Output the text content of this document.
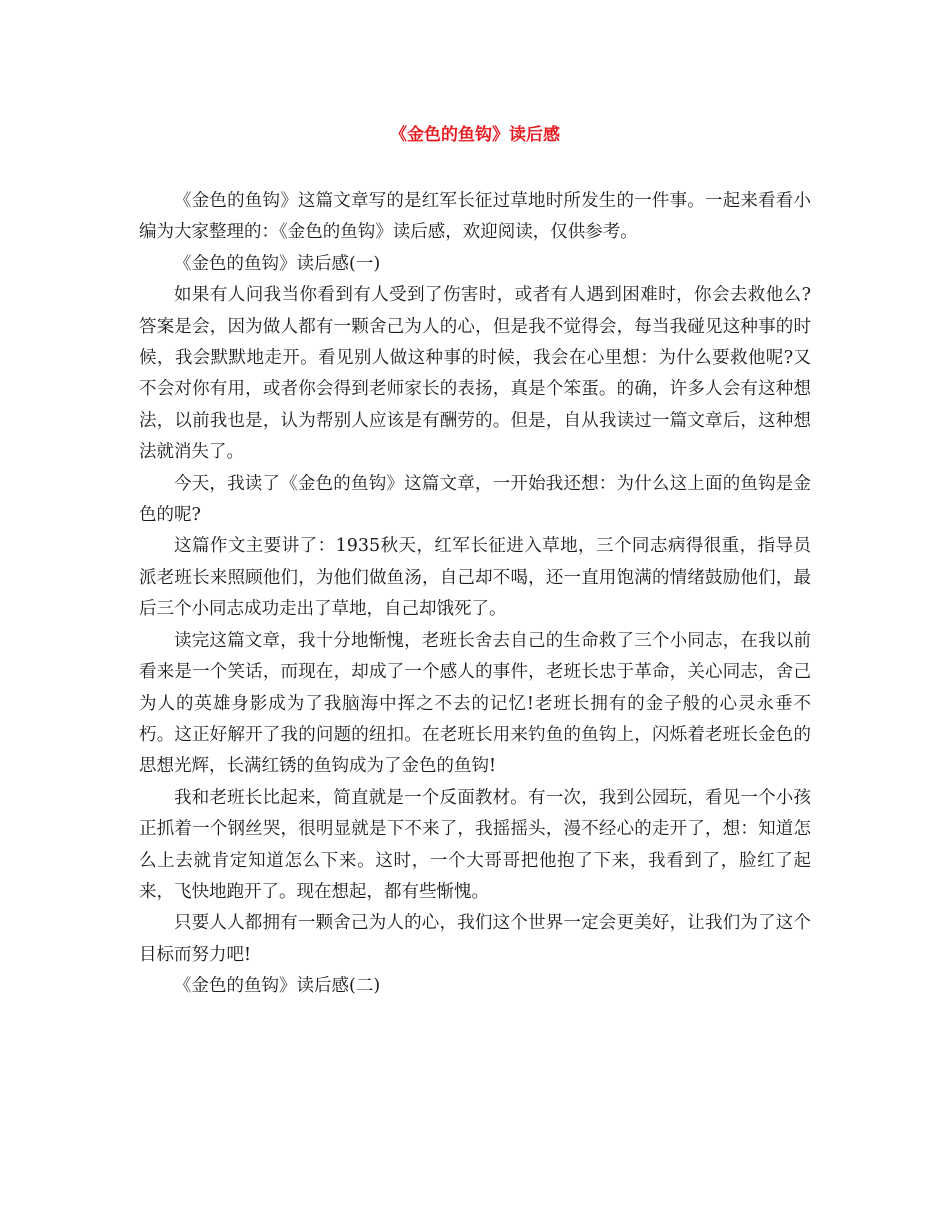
《金色的鱼钩》读后感

《金色的鱼钩》这篇文章写的是红军长征过草地时所发生的一件事。一起来看看小编为大家整理的：《金色的鱼钩》读后感，欢迎阅读，仅供参考。

《金色的鱼钩》读后感(一)

如果有人问我当你看到有人受到了伤害时，或者有人遇到困难时，你会去救他么?答案是会，因为做人都有一颗舍己为人的心，但是我不觉得会，每当我碰见这种事的时候，我会默默地走开。看见别人做这种事的时候，我会在心里想：为什么要救他呢?又不会对你有用，或者你会得到老师家长的表扬，真是个笨蛋。的确，许多人会有这种想法，以前我也是，认为帮别人应该是有酬劳的。但是，自从我读过一篇文章后，这种想法就消失了。

今天，我读了《金色的鱼钩》这篇文章，一开始我还想：为什么这上面的鱼钩是金色的呢?

这篇作文主要讲了：1935秋天，红军长征进入草地，三个同志病得很重，指导员派老班长来照顾他们，为他们做鱼汤，自己却不喝，还一直用饱满的情绪鼓励他们，最后三个小同志成功走出了草地，自己却饿死了。

读完这篇文章，我十分地惭愧，老班长舍去自己的生命救了三个小同志，在我以前看来是一个笑话，而现在，却成了一个感人的事件，老班长忠于革命，关心同志，舍己为人的英雄身影成为了我脑海中挥之不去的记忆!老班长拥有的金子般的心灵永垂不朽。这正好解开了我的问题的纽扣。在老班长用来钓鱼的鱼钩上，闪烁着老班长金色的思想光辉，长满红锈的鱼钩成为了金色的鱼钩!

我和老班长比起来，简直就是一个反面教材。有一次，我到公园玩，看见一个小孩正抓着一个钢丝哭，很明显就是下不来了，我摇摇头，漫不经心的走开了，想：知道怎么上去就肯定知道怎么下来。这时，一个大哥哥把他抱了下来，我看到了，脸红了起来，飞快地跑开了。现在想起，都有些惭愧。

只要人人都拥有一颗舍己为人的心，我们这个世界一定会更美好，让我们为了这个目标而努力吧!

《金色的鱼钩》读后感(二)
